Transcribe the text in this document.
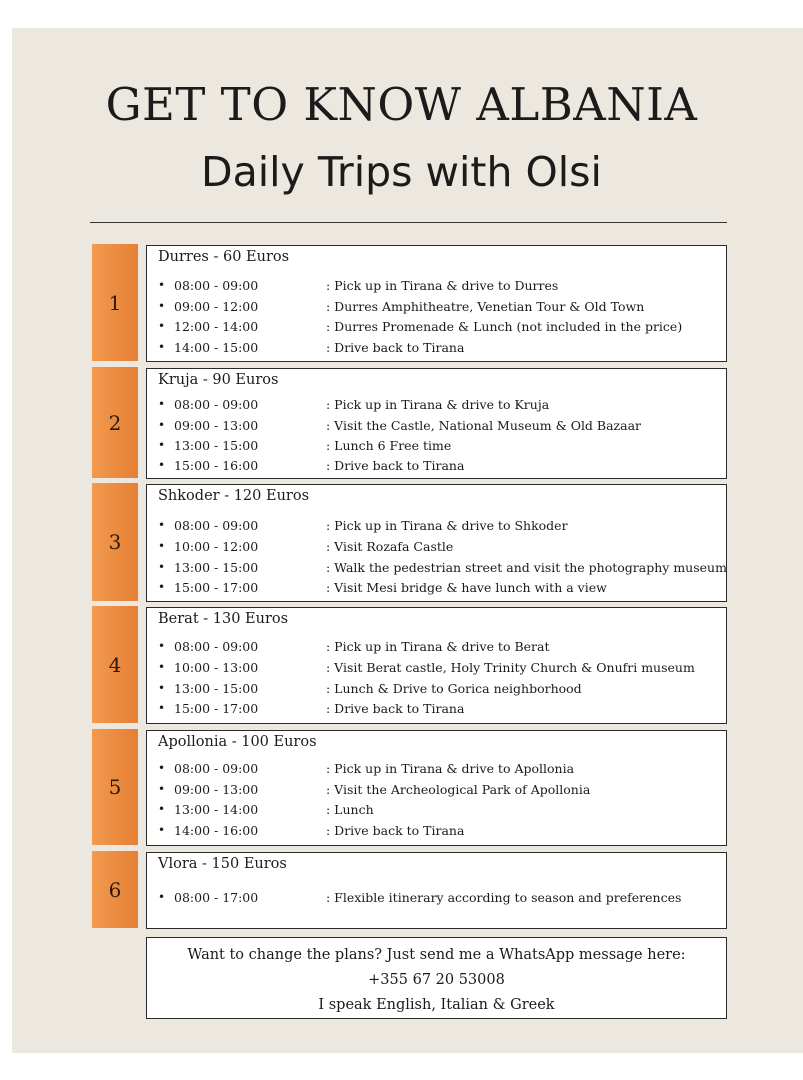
GET TO KNOW ALBANIA
Daily Trips with Olsi
1
Durres - 60 Euros
• 08:00 - 09:00	: Pick up in Tirana & drive to Durres
• 09:00 - 12:00	: Durres Amphitheatre, Venetian Tour & Old Town
• 12:00 - 14:00	: Durres Promenade & Lunch (not included in the price)
• 14:00 - 15:00	: Drive back to Tirana
2
Kruja - 90 Euros
• 08:00 - 09:00	: Pick up in Tirana & drive to Kruja
• 09:00 - 13:00	: Visit the Castle, National Museum & Old Bazaar
• 13:00 - 15:00	: Lunch 6 Free time
• 15:00 - 16:00	: Drive back to Tirana
3
Shkoder - 120 Euros
• 08:00 - 09:00	: Pick up in Tirana & drive to Shkoder
• 10:00 - 12:00	: Visit Rozafa Castle
• 13:00 - 15:00	: Walk the pedestrian street and visit the photography museum
• 15:00 - 17:00	: Visit Mesi bridge & have lunch with a view
4
Berat - 130 Euros
• 08:00 - 09:00	: Pick up in Tirana & drive to Berat
• 10:00 - 13:00	: Visit Berat castle, Holy Trinity Church & Onufri museum
• 13:00 - 15:00	: Lunch & Drive to Gorica neighborhood
• 15:00 - 17:00	: Drive back to Tirana
5
Apollonia - 100 Euros
• 08:00 - 09:00	: Pick up in Tirana & drive to Apollonia
• 09:00 - 13:00	: Visit the Archeological Park of Apollonia
• 13:00 - 14:00	: Lunch
• 14:00 - 16:00	: Drive back to Tirana
6
Vlora - 150 Euros
• 08:00 - 17:00	: Flexible itinerary according to season and preferences
Want to change the plans? Just send me a WhatsApp message here:
+355 67 20 53008
I speak English, Italian & Greek
